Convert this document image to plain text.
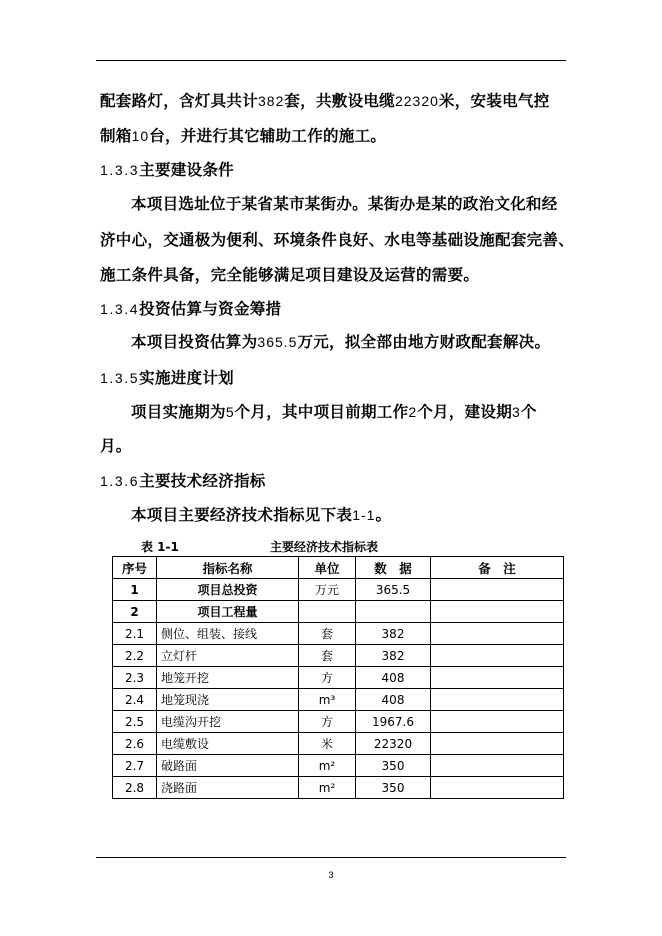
配套路灯，含灯具共计382套，共敷设电缆22320米，安装电气控
制箱10台，并进行其它辅助工作的施工。
1.3.3主要建设条件
本项目选址位于某省某市某街办。某街办是某的政治文化和经
济中心，交通极为便利、环境条件良好、水电等基础设施配套完善、
施工条件具备，完全能够满足项目建设及运营的需要。
1.3.4投资估算与资金筹措
本项目投资估算为365.5万元，拟全部由地方财政配套解决。
1.3.5实施进度计划
项目实施期为5个月，其中项目前期工作2个月，建设期3个
月。
1.3.6主要技术经济指标
本项目主要经济技术指标见下表1-1。
表 1-1	主要经济技术指标表
序号	指标名称	单位	数　据	备　注
1	项目总投资	万元	365.5	
2	项目工程量			
2.1	侧位、组装、接线	套	382	
2.2	立灯杆	套	382	
2.3	地笼开挖	方	408	
2.4	地笼现浇	m³	408	
2.5	电缆沟开挖	方	1967.6	
2.6	电缆敷设	米	22320	
2.7	破路面	m²	350	
2.8	浇路面	m²	350	
3
